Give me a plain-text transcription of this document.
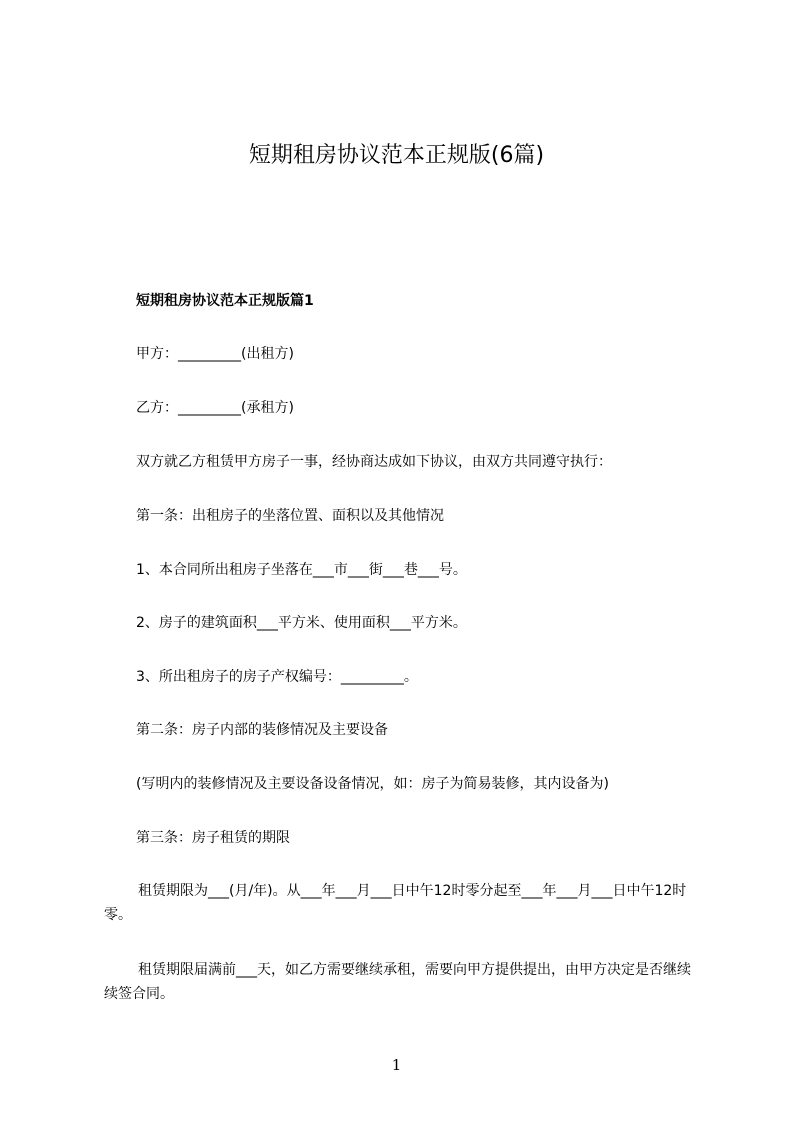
短期租房协议范本正规版(6篇)
短期租房协议范本正规版篇1
甲方：_________(出租方)
乙方：_________(承租方)
双方就乙方租赁甲方房子一事，经协商达成如下协议，由双方共同遵守执行：
第一条：出租房子的坐落位置、面积以及其他情况
1、本合同所出租房子坐落在___市___街___巷___号。
2、房子的建筑面积___平方米、使用面积___平方米。
3、所出租房子的房子产权编号：_________。
第二条：房子内部的装修情况及主要设备
(写明内的装修情况及主要设备设备情况，如：房子为简易装修，其内设备为)
第三条：房子租赁的期限
租赁期限为___(月/年)。从___年___月___日中午12时零分起至___年___月___日中午12时零。
租赁期限届满前___天，如乙方需要继续承租，需要向甲方提供提出，由甲方决定是否继续续签合同。
1
